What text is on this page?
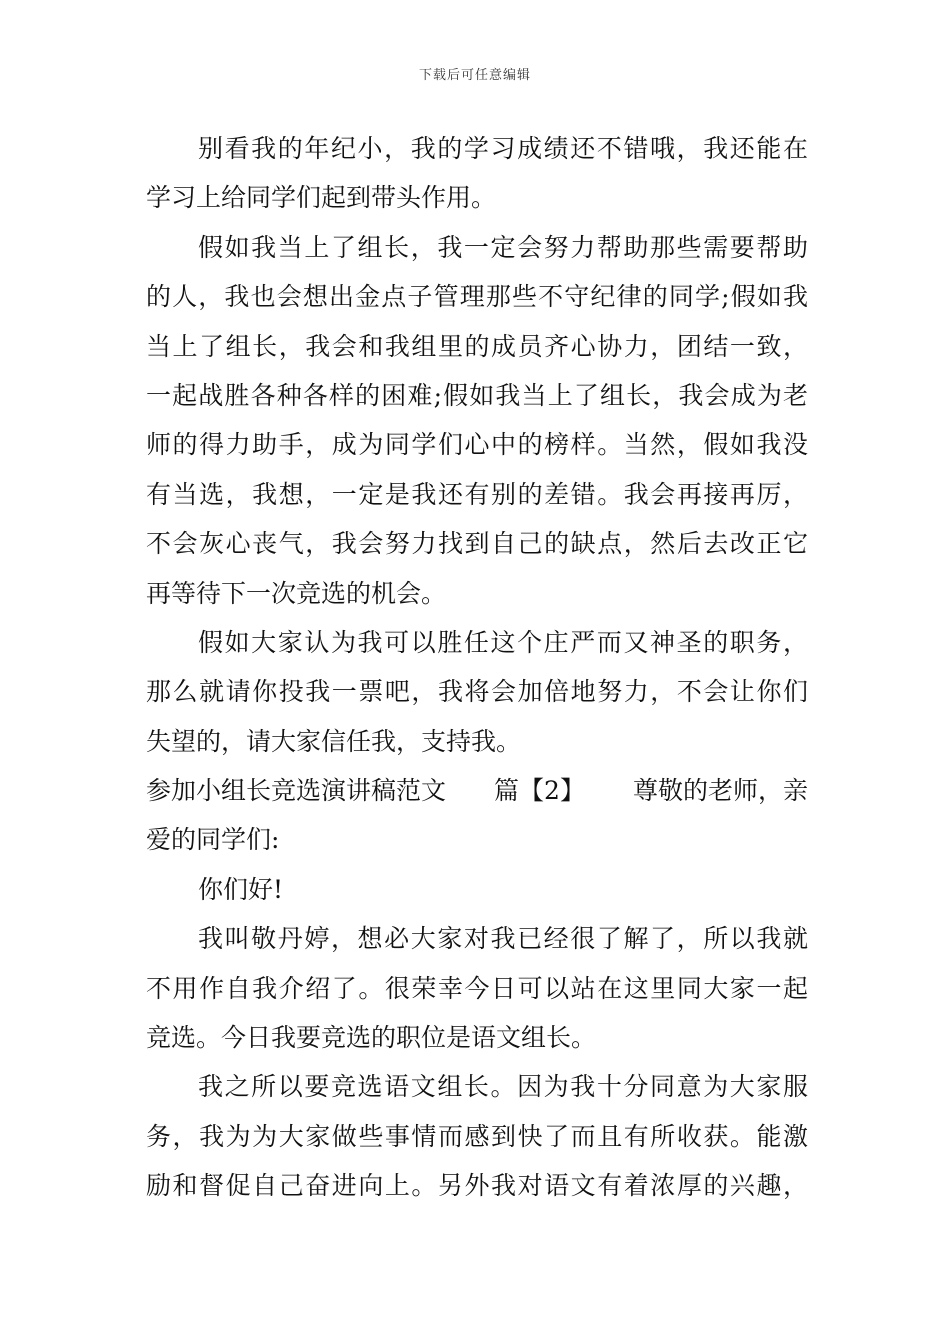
下载后可任意编辑
别看我的年纪小，我的学习成绩还不错哦，我还能在
学习上给同学们起到带头作用。
假如我当上了组长，我一定会努力帮助那些需要帮助
的人，我也会想出金点子管理那些不守纪律的同学;假如我
当上了组长，我会和我组里的成员齐心协力，团结一致，
一起战胜各种各样的困难;假如我当上了组长，我会成为老
师的得力助手，成为同学们心中的榜样。当然，假如我没
有当选，我想，一定是我还有别的差错。我会再接再厉，
不会灰心丧气，我会努力找到自己的缺点，然后去改正它
再等待下一次竞选的机会。
假如大家认为我可以胜任这个庄严而又神圣的职务，
那么就请你投我一票吧，我将会加倍地努力，不会让你们
失望的，请大家信任我，支持我。
参加小组长竞选演讲稿范文 篇【2】 尊敬的老师，亲
爱的同学们:
你们好!
我叫敬丹婷，想必大家对我已经很了解了，所以我就
不用作自我介绍了。很荣幸今日可以站在这里同大家一起
竞选。今日我要竞选的职位是语文组长。
我之所以要竞选语文组长。因为我十分同意为大家服
务，我为为大家做些事情而感到快了而且有所收获。能激
励和督促自己奋进向上。另外我对语文有着浓厚的兴趣，
